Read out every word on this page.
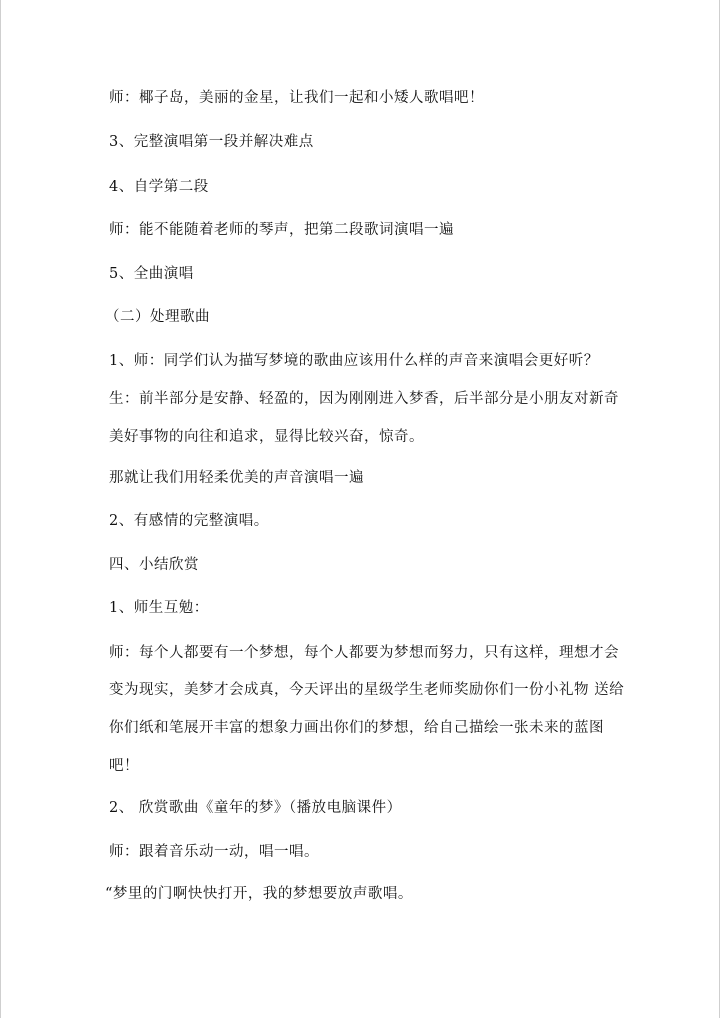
师：椰子岛，美丽的金星，让我们一起和小矮人歌唱吧！
3、完整演唱第一段并解决难点
4、自学第二段
师：能不能随着老师的琴声，把第二段歌词演唱一遍
5、全曲演唱
（二）处理歌曲
1、师：同学们认为描写梦境的歌曲应该用什么样的声音来演唱会更好听？
生：前半部分是安静、轻盈的，因为刚刚进入梦香，后半部分是小朋友对新奇
美好事物的向往和追求，显得比较兴奋，惊奇。
那就让我们用轻柔优美的声音演唱一遍
2、有感情的完整演唱。
四、小结欣赏
1、师生互勉：
师：每个人都要有一个梦想，每个人都要为梦想而努力，只有这样，理想才会
变为现实，美梦才会成真，今天评出的星级学生老师奖励你们一份小礼物 送给
你们纸和笔展开丰富的想象力画出你们的梦想，给自己描绘一张未来的蓝图
吧！
2、 欣赏歌曲《童年的梦》（播放电脑课件）
师：跟着音乐动一动，唱一唱。
“梦里的门啊快快打开，我的梦想要放声歌唱。
